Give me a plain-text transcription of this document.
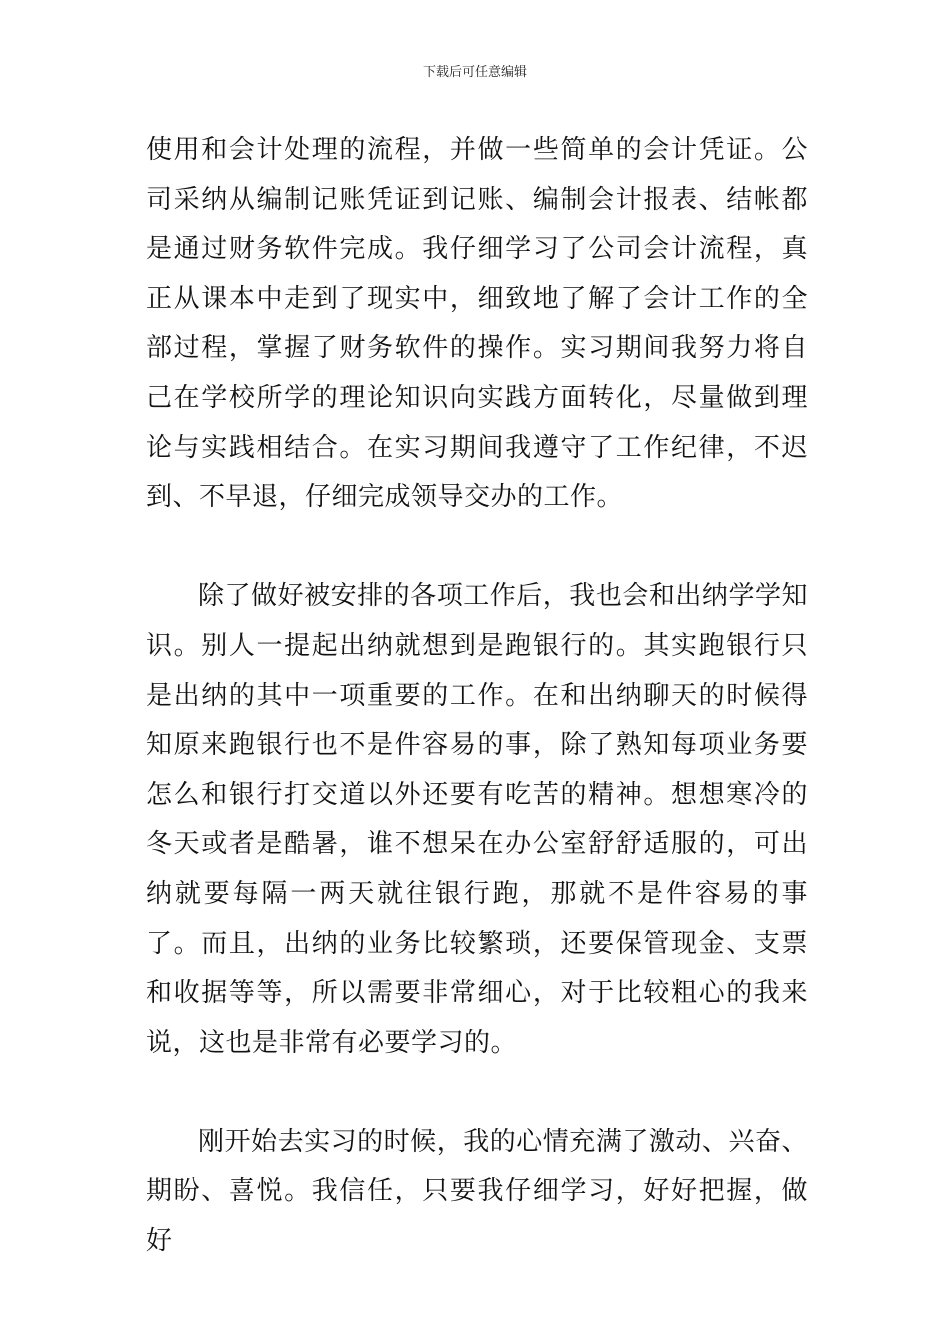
下载后可任意编辑

使用和会计处理的流程，并做一些简单的会计凭证。公司采纳从编制记账凭证到记账、编制会计报表、结帐都是通过财务软件完成。我仔细学习了公司会计流程，真正从课本中走到了现实中，细致地了解了会计工作的全部过程，掌握了财务软件的操作。实习期间我努力将自己在学校所学的理论知识向实践方面转化，尽量做到理论与实践相结合。在实习期间我遵守了工作纪律，不迟到、不早退，仔细完成领导交办的工作。

除了做好被安排的各项工作后，我也会和出纳学学知识。别人一提起出纳就想到是跑银行的。其实跑银行只是出纳的其中一项重要的工作。在和出纳聊天的时候得知原来跑银行也不是件容易的事，除了熟知每项业务要怎么和银行打交道以外还要有吃苦的精神。想想寒冷的冬天或者是酷暑，谁不想呆在办公室舒舒适服的，可出纳就要每隔一两天就往银行跑，那就不是件容易的事了。而且，出纳的业务比较繁琐，还要保管现金、支票和收据等等，所以需要非常细心，对于比较粗心的我来说，这也是非常有必要学习的。

刚开始去实习的时候，我的心情充满了激动、兴奋、期盼、喜悦。我信任，只要我仔细学习，好好把握，做好
